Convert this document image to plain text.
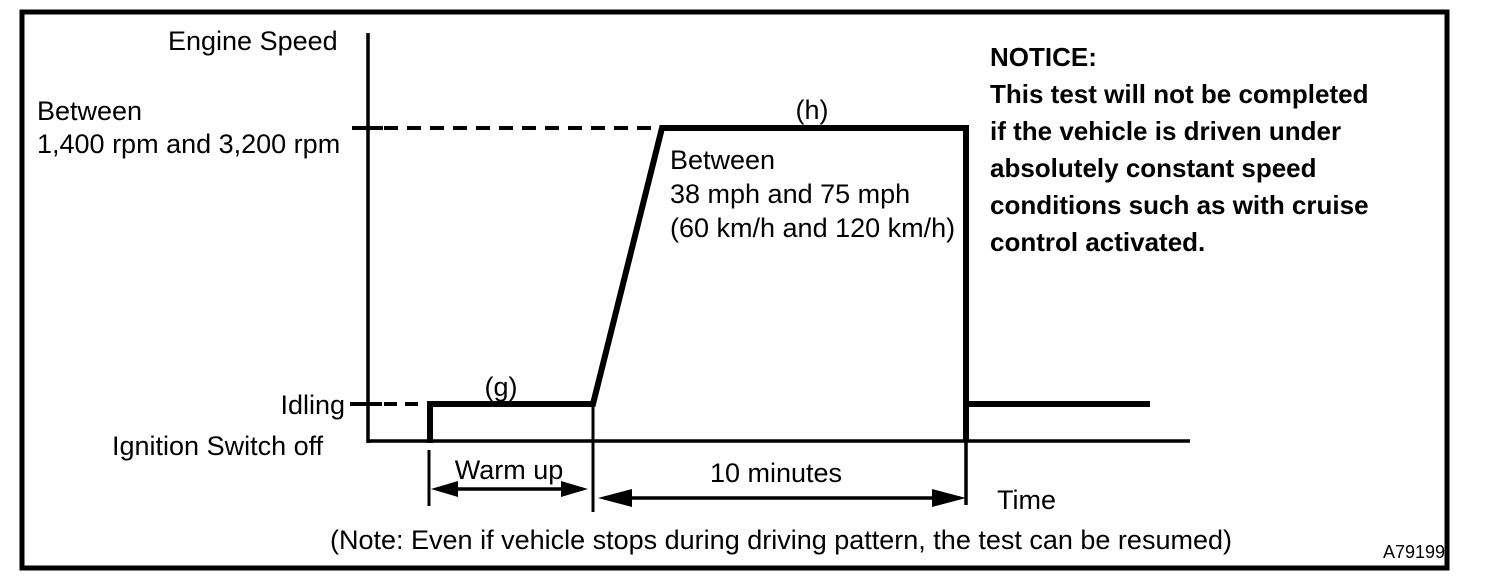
Engine Speed
Between
1,400 rpm and 3,200 rpm
Idling
Ignition Switch off
(g)
(h)
Between
38 mph and 75 mph
(60 km/h and 120 km/h)
Warm up	10 minutes
Time
NOTICE:
This test will not be completed
if the vehicle is driven under
absolutely constant speed
conditions such as with cruise
control activated.
(Note: Even if vehicle stops during driving pattern, the test can be resumed)	A79199
